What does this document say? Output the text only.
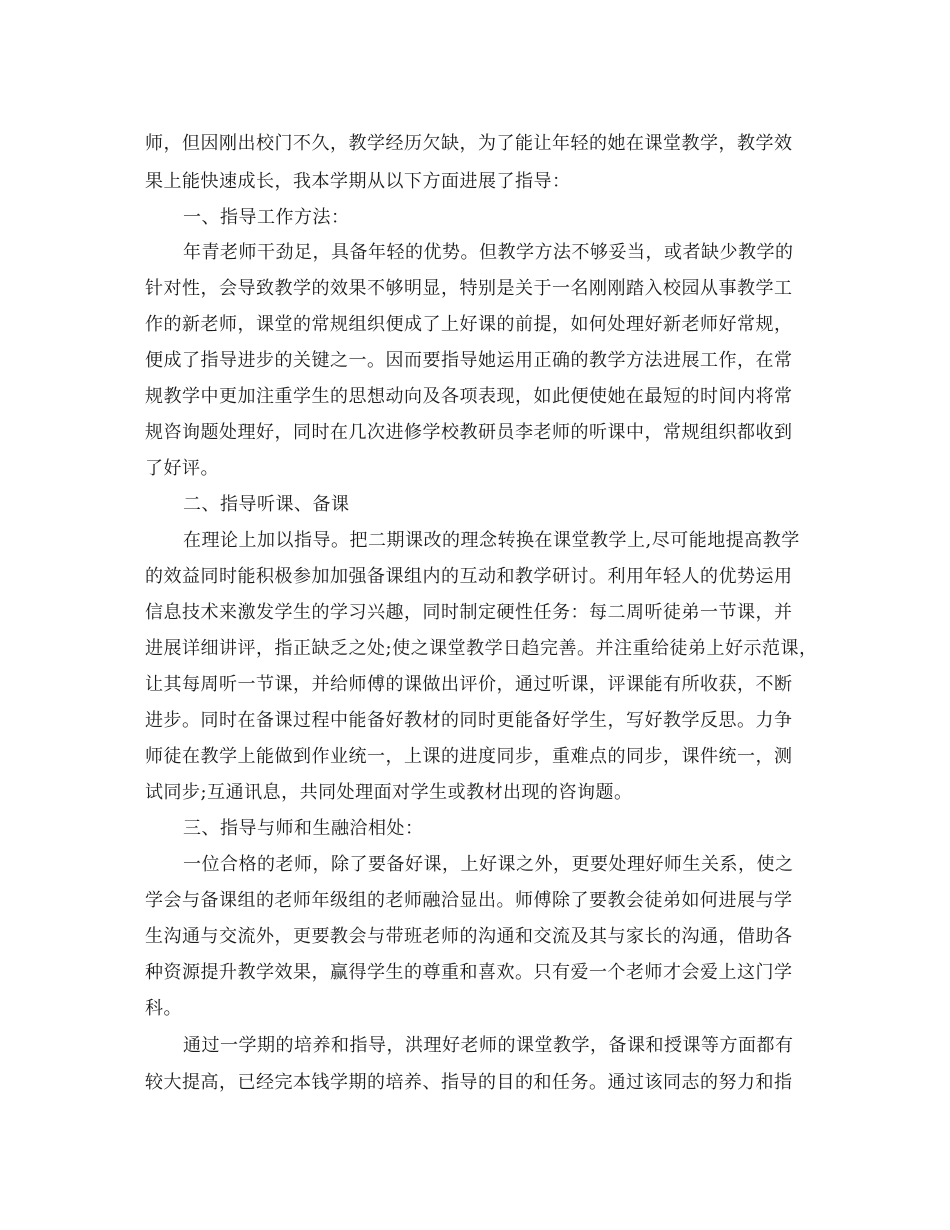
师，但因刚出校门不久，教学经历欠缺，为了能让年轻的她在课堂教学，教学效
果上能快速成长，我本学期从以下方面进展了指导：
一、指导工作方法：
年青老师干劲足，具备年轻的优势。但教学方法不够妥当，或者缺少教学的
针对性，会导致教学的效果不够明显，特别是关于一名刚刚踏入校园从事教学工
作的新老师，课堂的常规组织便成了上好课的前提，如何处理好新老师好常规，
便成了指导进步的关键之一。因而要指导她运用正确的教学方法进展工作，在常
规教学中更加注重学生的思想动向及各项表现，如此便使她在最短的时间内将常
规咨询题处理好，同时在几次进修学校教研员李老师的听课中，常规组织都收到
了好评。
二、指导听课、备课
在理论上加以指导。把二期课改的理念转换在课堂教学上,尽可能地提高教学
的效益同时能积极参加加强备课组内的互动和教学研讨。利用年轻人的优势运用
信息技术来激发学生的学习兴趣，同时制定硬性任务：每二周听徒弟一节课，并
进展详细讲评，指正缺乏之处;使之课堂教学日趋完善。并注重给徒弟上好示范课，
让其每周听一节课，并给师傅的课做出评价，通过听课，评课能有所收获，不断
进步。同时在备课过程中能备好教材的同时更能备好学生，写好教学反思。力争
师徒在教学上能做到作业统一，上课的进度同步，重难点的同步，课件统一，测
试同步;互通讯息，共同处理面对学生或教材出现的咨询题。
三、指导与师和生融洽相处：
一位合格的老师，除了要备好课，上好课之外，更要处理好师生关系，使之
学会与备课组的老师年级组的老师融洽显出。师傅除了要教会徒弟如何进展与学
生沟通与交流外，更要教会与带班老师的沟通和交流及其与家长的沟通，借助各
种资源提升教学效果，赢得学生的尊重和喜欢。只有爱一个老师才会爱上这门学
科。
通过一学期的培养和指导，洪理好老师的课堂教学，备课和授课等方面都有
较大提高，已经完本钱学期的培养、指导的目的和任务。通过该同志的努力和指
